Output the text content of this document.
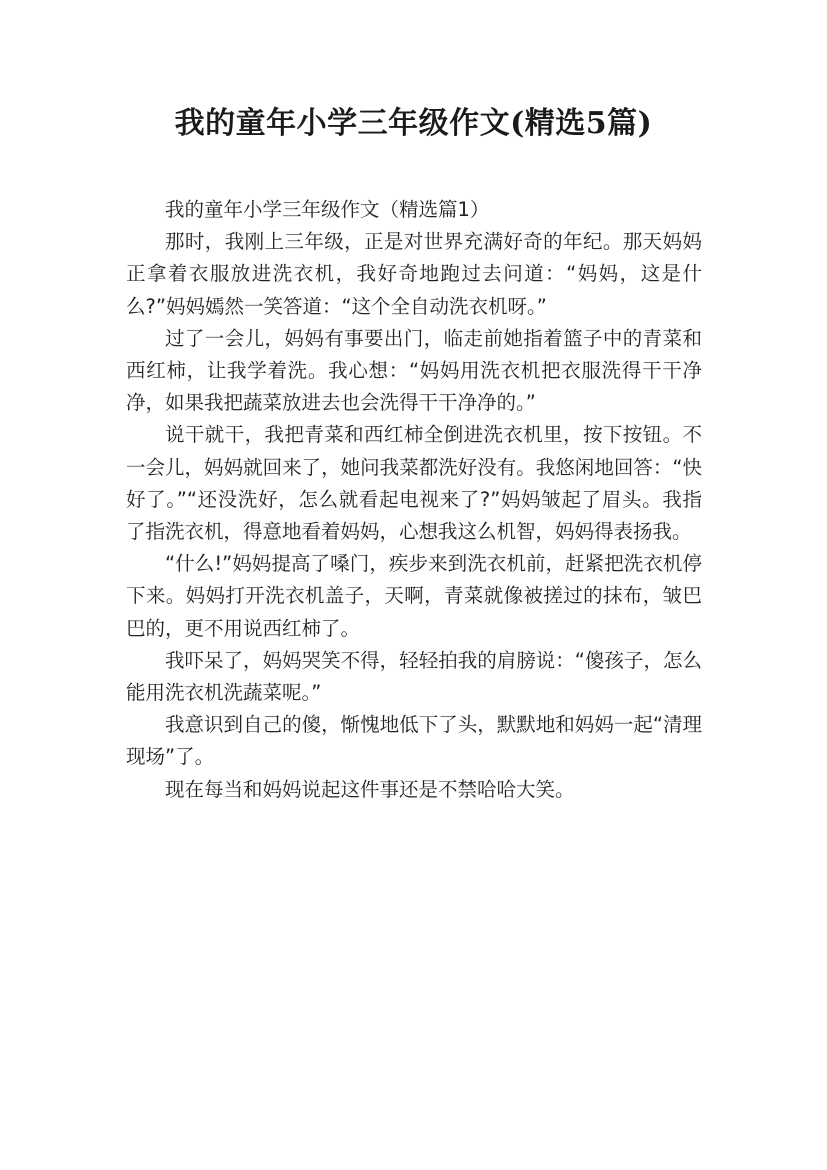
我的童年小学三年级作文(精选5篇)

我的童年小学三年级作文（精选篇1）

那时，我刚上三年级，正是对世界充满好奇的年纪。那天妈妈正拿着衣服放进洗衣机，我好奇地跑过去问道：“妈妈，这是什么?”妈妈嫣然一笑答道：“这个全自动洗衣机呀。”

过了一会儿，妈妈有事要出门，临走前她指着篮子中的青菜和西红柿，让我学着洗。我心想：“妈妈用洗衣机把衣服洗得干干净净，如果我把蔬菜放进去也会洗得干干净净的。”

说干就干，我把青菜和西红柿全倒进洗衣机里，按下按钮。不一会儿，妈妈就回来了，她问我菜都洗好没有。我悠闲地回答：“快好了。”“还没洗好，怎么就看起电视来了?”妈妈皱起了眉头。我指了指洗衣机，得意地看着妈妈，心想我这么机智，妈妈得表扬我。

“什么!”妈妈提高了嗓门，疾步来到洗衣机前，赶紧把洗衣机停下来。妈妈打开洗衣机盖子，天啊，青菜就像被搓过的抹布，皱巴巴的，更不用说西红柿了。

我吓呆了，妈妈哭笑不得，轻轻拍我的肩膀说：“傻孩子，怎么能用洗衣机洗蔬菜呢。”

我意识到自己的傻，惭愧地低下了头，默默地和妈妈一起“清理现场”了。

现在每当和妈妈说起这件事还是不禁哈哈大笑。
